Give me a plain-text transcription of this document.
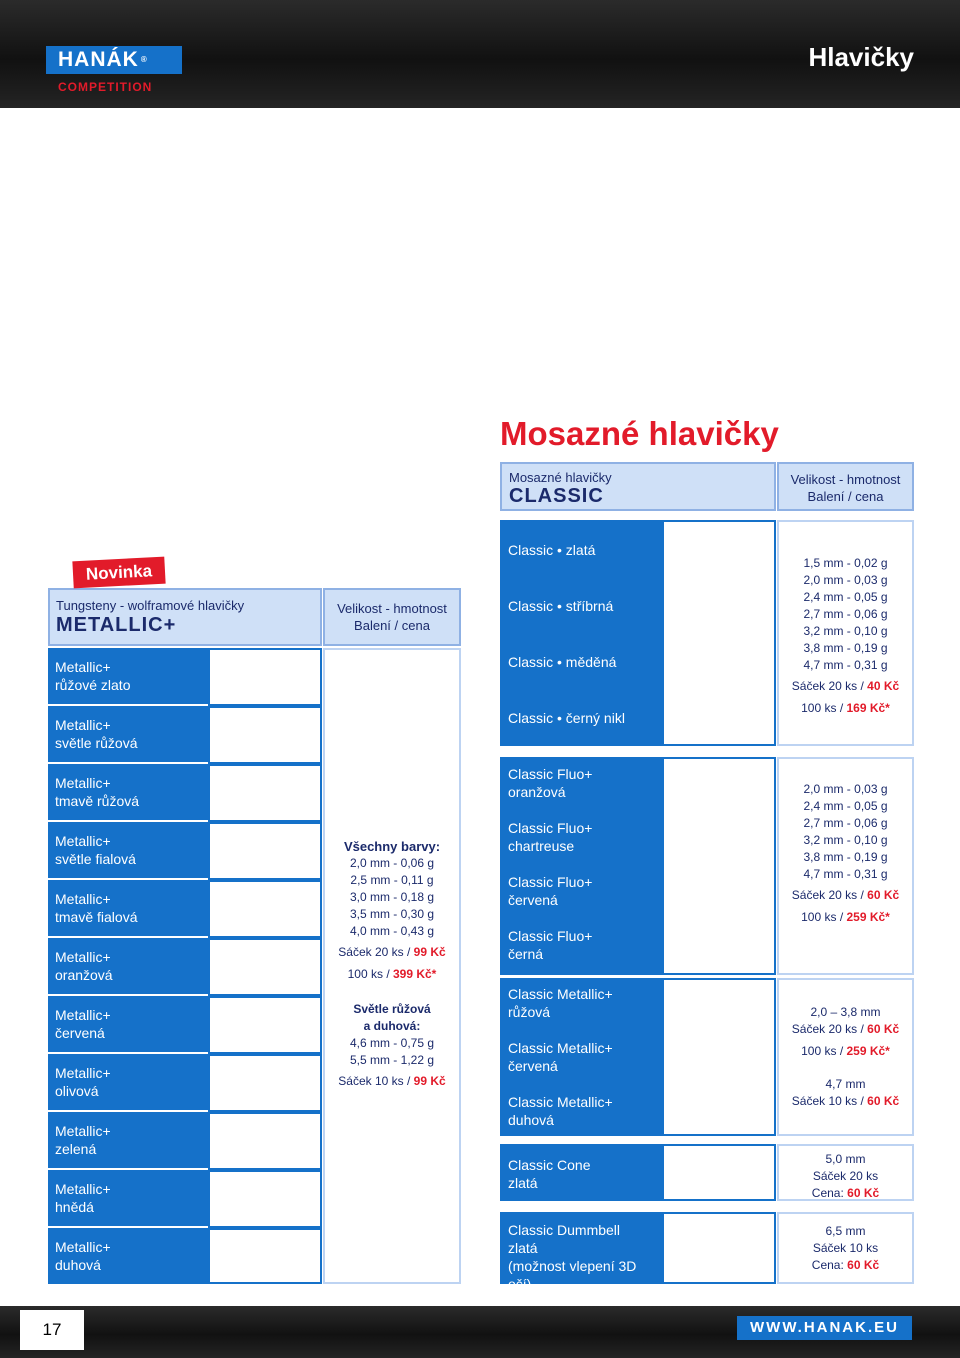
HANÁK ®
COMPETITION
Hlavičky
Mosazné hlavičky
Tungsteny - wolframové hlavičky
METALLIC+
Novinka
Velikost - hmotnost
Balení / cena
Metallic+
růžové zlato
Metallic+
světle růžová
Metallic+
tmavě růžová
Metallic+
světle fialová
Metallic+
tmavě fialová
Metallic+
oranžová
Metallic+
červená
Metallic+
olivová
Metallic+
zelená
Metallic+
hnědá
Metallic+
duhová
Všechny barvy:
2,0 mm - 0,06 g
2,5 mm - 0,11 g
3,0 mm - 0,18 g
3,5 mm - 0,30 g
4,0 mm - 0,43 g
Sáček 20 ks / 99 Kč
100 ks / 399 Kč*
Světle růžová
a duhová:
4,6 mm - 0,75 g
5,5 mm - 1,22 g
Sáček 10 ks / 99 Kč
Mosazné hlavičky
CLASSIC
Velikost - hmotnost
Balení / cena
Classic • zlatá
Classic • stříbrná
Classic • měděná
Classic • černý nikl
1,5 mm - 0,02 g
2,0 mm - 0,03 g
2,4 mm - 0,05 g
2,7 mm - 0,06 g
3,2 mm - 0,10 g
3,8 mm - 0,19 g
4,7 mm - 0,31 g
Sáček 20 ks / 40 Kč
100 ks / 169 Kč*
Classic Fluo+
oranžová
Classic Fluo+
chartreuse
Classic Fluo+
červená
Classic Fluo+
černá
2,0 mm - 0,03 g
2,4 mm - 0,05 g
2,7 mm - 0,06 g
3,2 mm - 0,10 g
3,8 mm - 0,19 g
4,7 mm - 0,31 g
Sáček 20 ks / 60 Kč
100 ks / 259 Kč*
Classic Metallic+
růžová
Classic Metallic+
červená
Classic Metallic+
duhová
2,0 – 3,8 mm
Sáček 20 ks / 60 Kč
100 ks / 259 Kč*
4,7 mm
Sáček 10 ks / 60 Kč
Classic Cone
zlatá
5,0 mm
Sáček 20 ks
Cena: 60 Kč
Classic Dummbell
zlatá
(možnost vlepení 3D očí)
6,5 mm
Sáček 10 ks
Cena: 60 Kč
17	WWW.HANAK.EU
